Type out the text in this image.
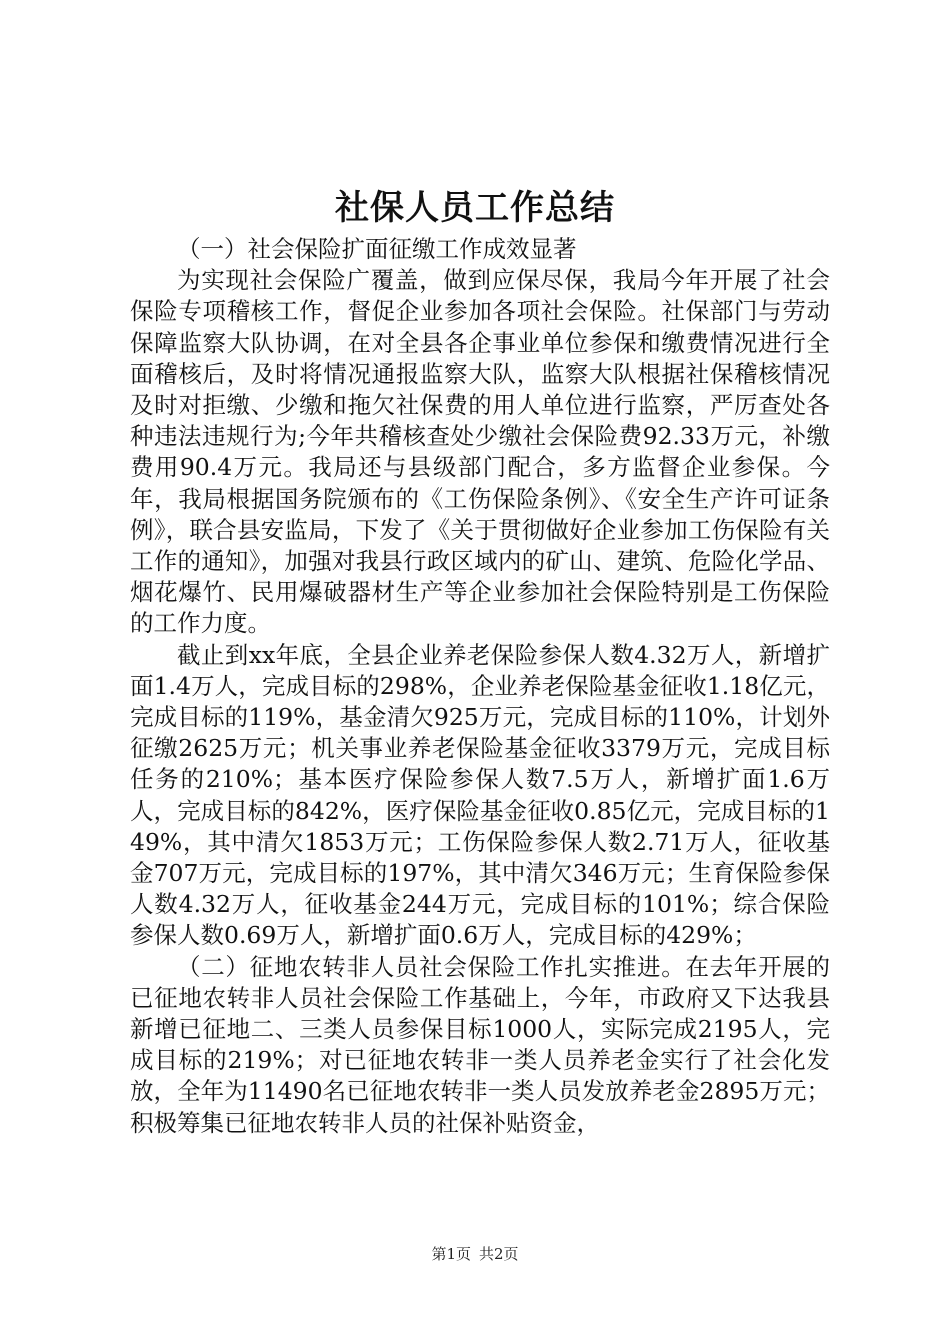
社保人员工作总结

（一）社会保险扩面征缴工作成效显著

为实现社会保险广覆盖，做到应保尽保，我局今年开展了社会保险专项稽核工作，督促企业参加各项社会保险。社保部门与劳动保障监察大队协调，在对全县各企事业单位参保和缴费情况进行全面稽核后，及时将情况通报监察大队，监察大队根据社保稽核情况及时对拒缴、少缴和拖欠社保费的用人单位进行监察，严厉查处各种违法违规行为;今年共稽核查处少缴社会保险费92.33万元，补缴费用90.4万元。我局还与县级部门配合，多方监督企业参保。今年，我局根据国务院颁布的《工伤保险条例》、《安全生产许可证条例》，联合县安监局，下发了《关于贯彻做好企业参加工伤保险有关工作的通知》，加强对我县行政区域内的矿山、建筑、危险化学品、烟花爆竹、民用爆破器材生产等企业参加社会保险特别是工伤保险的工作力度。

截止到xx年底，全县企业养老保险参保人数4.32万人，新增扩面1.4万人，完成目标的298%，企业养老保险基金征收1.18亿元，完成目标的119%，基金清欠925万元，完成目标的110%，计划外征缴2625万元；机关事业养老保险基金征收3379万元，完成目标任务的210%；基本医疗保险参保人数7.5万人，新增扩面1.6万人，完成目标的842%，医疗保险基金征收0.85亿元，完成目标的149%，其中清欠1853万元；工伤保险参保人数2.71万人，征收基金707万元，完成目标的197%，其中清欠346万元；生育保险参保人数4.32万人，征收基金244万元，完成目标的101%；综合保险参保人数0.69万人，新增扩面0.6万人，完成目标的429%；

（二）征地农转非人员社会保险工作扎实推进。在去年开展的已征地农转非人员社会保险工作基础上，今年，市政府又下达我县新增已征地二、三类人员参保目标1000人，实际完成2195人，完成目标的219%；对已征地农转非一类人员养老金实行了社会化发放，全年为11490名已征地农转非一类人员发放养老金2895万元；积极筹集已征地农转非人员的社保补贴资金，

第1页 共2页
